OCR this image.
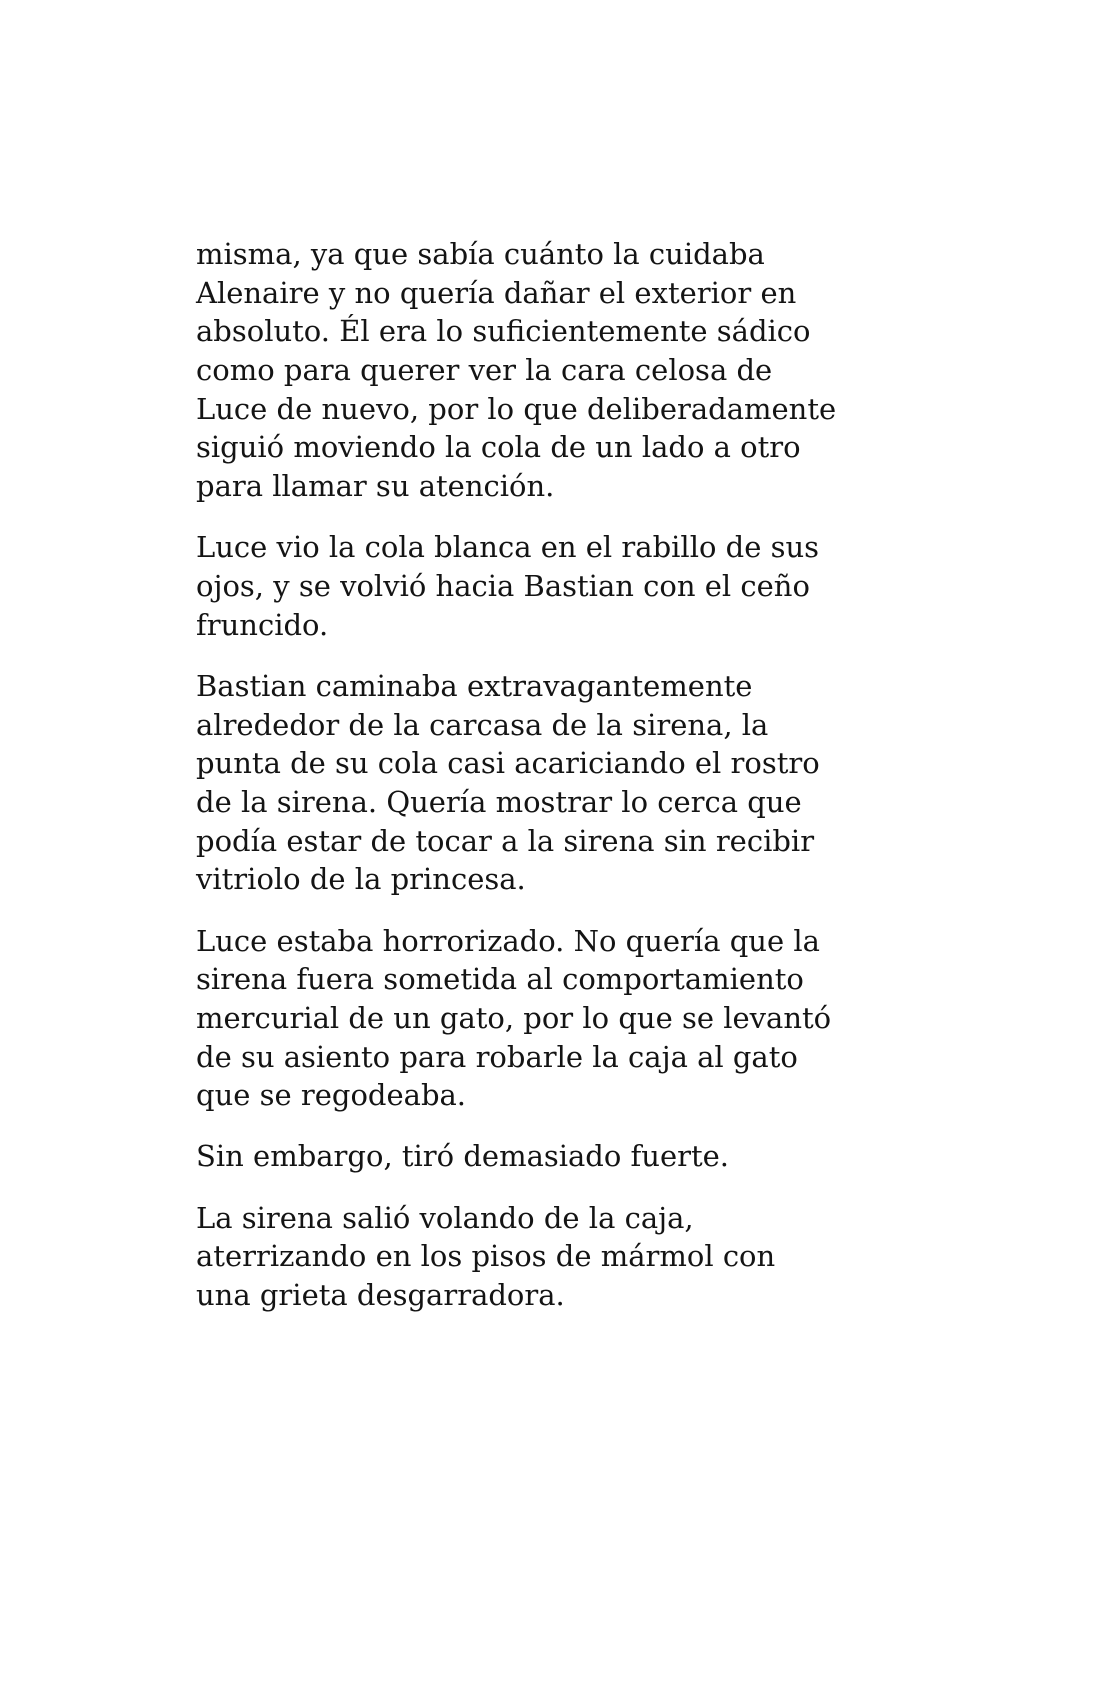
misma, ya que sabía cuánto la cuidaba
Alenaire y no quería dañar el exterior en
absoluto. Él era lo suficientemente sádico
como para querer ver la cara celosa de
Luce de nuevo, por lo que deliberadamente
siguió moviendo la cola de un lado a otro
para llamar su atención.

Luce vio la cola blanca en el rabillo de sus
ojos, y se volvió hacia Bastian con el ceño
fruncido.

Bastian caminaba extravagantemente
alrededor de la carcasa de la sirena, la
punta de su cola casi acariciando el rostro
de la sirena. Quería mostrar lo cerca que
podía estar de tocar a la sirena sin recibir
vitriolo de la princesa.

Luce estaba horrorizado. No quería que la
sirena fuera sometida al comportamiento
mercurial de un gato, por lo que se levantó
de su asiento para robarle la caja al gato
que se regodeaba.

Sin embargo, tiró demasiado fuerte.

La sirena salió volando de la caja,
aterrizando en los pisos de mármol con
una grieta desgarradora.
